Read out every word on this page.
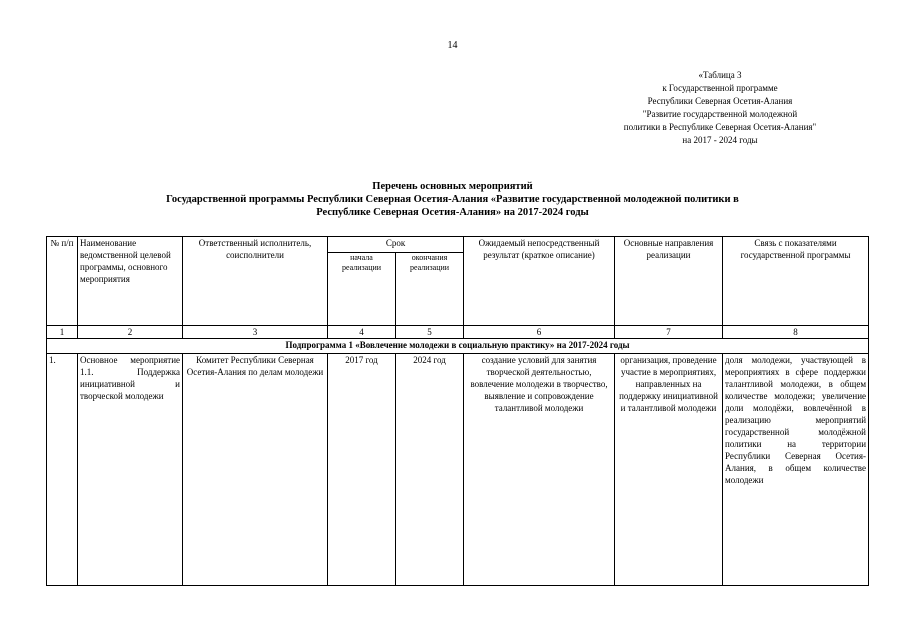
14
«Таблица 3
к Государственной программе
Республики Северная Осетия-Алания
"Развитие государственной молодежной
политики в Республике Северная Осетия-Алания"
на 2017 - 2024 годы
Перечень основных мероприятий
Государственной программы Республики Северная Осетия-Алания «Развитие государственной молодежной политики в
Республике Северная Осетия-Алания» на 2017-2024 годы
№ п/п	Наименование ведомственной целевой программы, основного мероприятия	Ответственный исполнитель, соисполнители	Срок		Ожидаемый непосредственный результат (краткое описание)	Основные направления реализации	Связь с показателями государственной программы
			начала реализации	окончания реализации			
1	2	3	4	5	6	7	8
Подпрограмма 1 «Вовлечение молодежи в социальную практику» на 2017-2024 годы							
1.	Основное мероприятие 1.1. Поддержка инициативной и творческой молодежи	Комитет Республики Северная Осетия-Алания по делам молодежи	2017 год	2024 год	создание условий для занятия творческой деятельностью, вовлечение молодежи в творчество, выявление и сопровождение талантливой молодежи	организация, проведение участие в мероприятиях, направленных на поддержку инициативной и талантливой молодежи	доля молодежи, участвующей в мероприятиях в сфере поддержки талантливой молодежи, в общем количестве молодежи; увеличение доли молодёжи, вовлечённой в реализацию мероприятий государственной молодёжной политики на территории Республики Северная Осетия-Алания, в общем количестве молодежи
